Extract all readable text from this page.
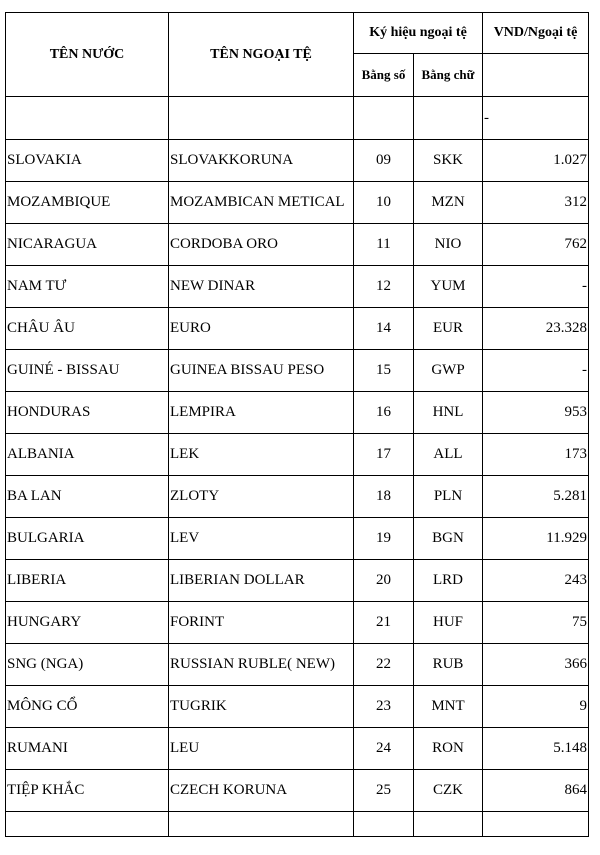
TÊN NƯỚC	TÊN NGOẠI TỆ	Ký hiệu ngoại tệ		VND/Ngoại tệ
		Bằng số	Bằng chữ	

				-

SLOVAKIA	SLOVAKKORUNA	09	SKK	1.027
MOZAMBIQUE	MOZAMBICAN METICAL	10	MZN	312
NICARAGUA	CORDOBA ORO	11	NIO	762
NAM TƯ	NEW DINAR	12	YUM	-
CHÂU ÂU	EURO	14	EUR	23.328
GUINÉ - BISSAU	GUINEA BISSAU PESO	15	GWP	-
HONDURAS	LEMPIRA	16	HNL	953
ALBANIA	LEK	17	ALL	173
BA LAN	ZLOTY	18	PLN	5.281
BULGARIA	LEV	19	BGN	11.929
LIBERIA	LIBERIAN DOLLAR	20	LRD	243
HUNGARY	FORINT	21	HUF	75
SNG (NGA)	RUSSIAN RUBLE( NEW)	22	RUB	366
MÔNG CỔ	TUGRIK	23	MNT	9
RUMANI	LEU	24	RON	5.148
TIỆP KHẮC	CZECH KORUNA	25	CZK	864
